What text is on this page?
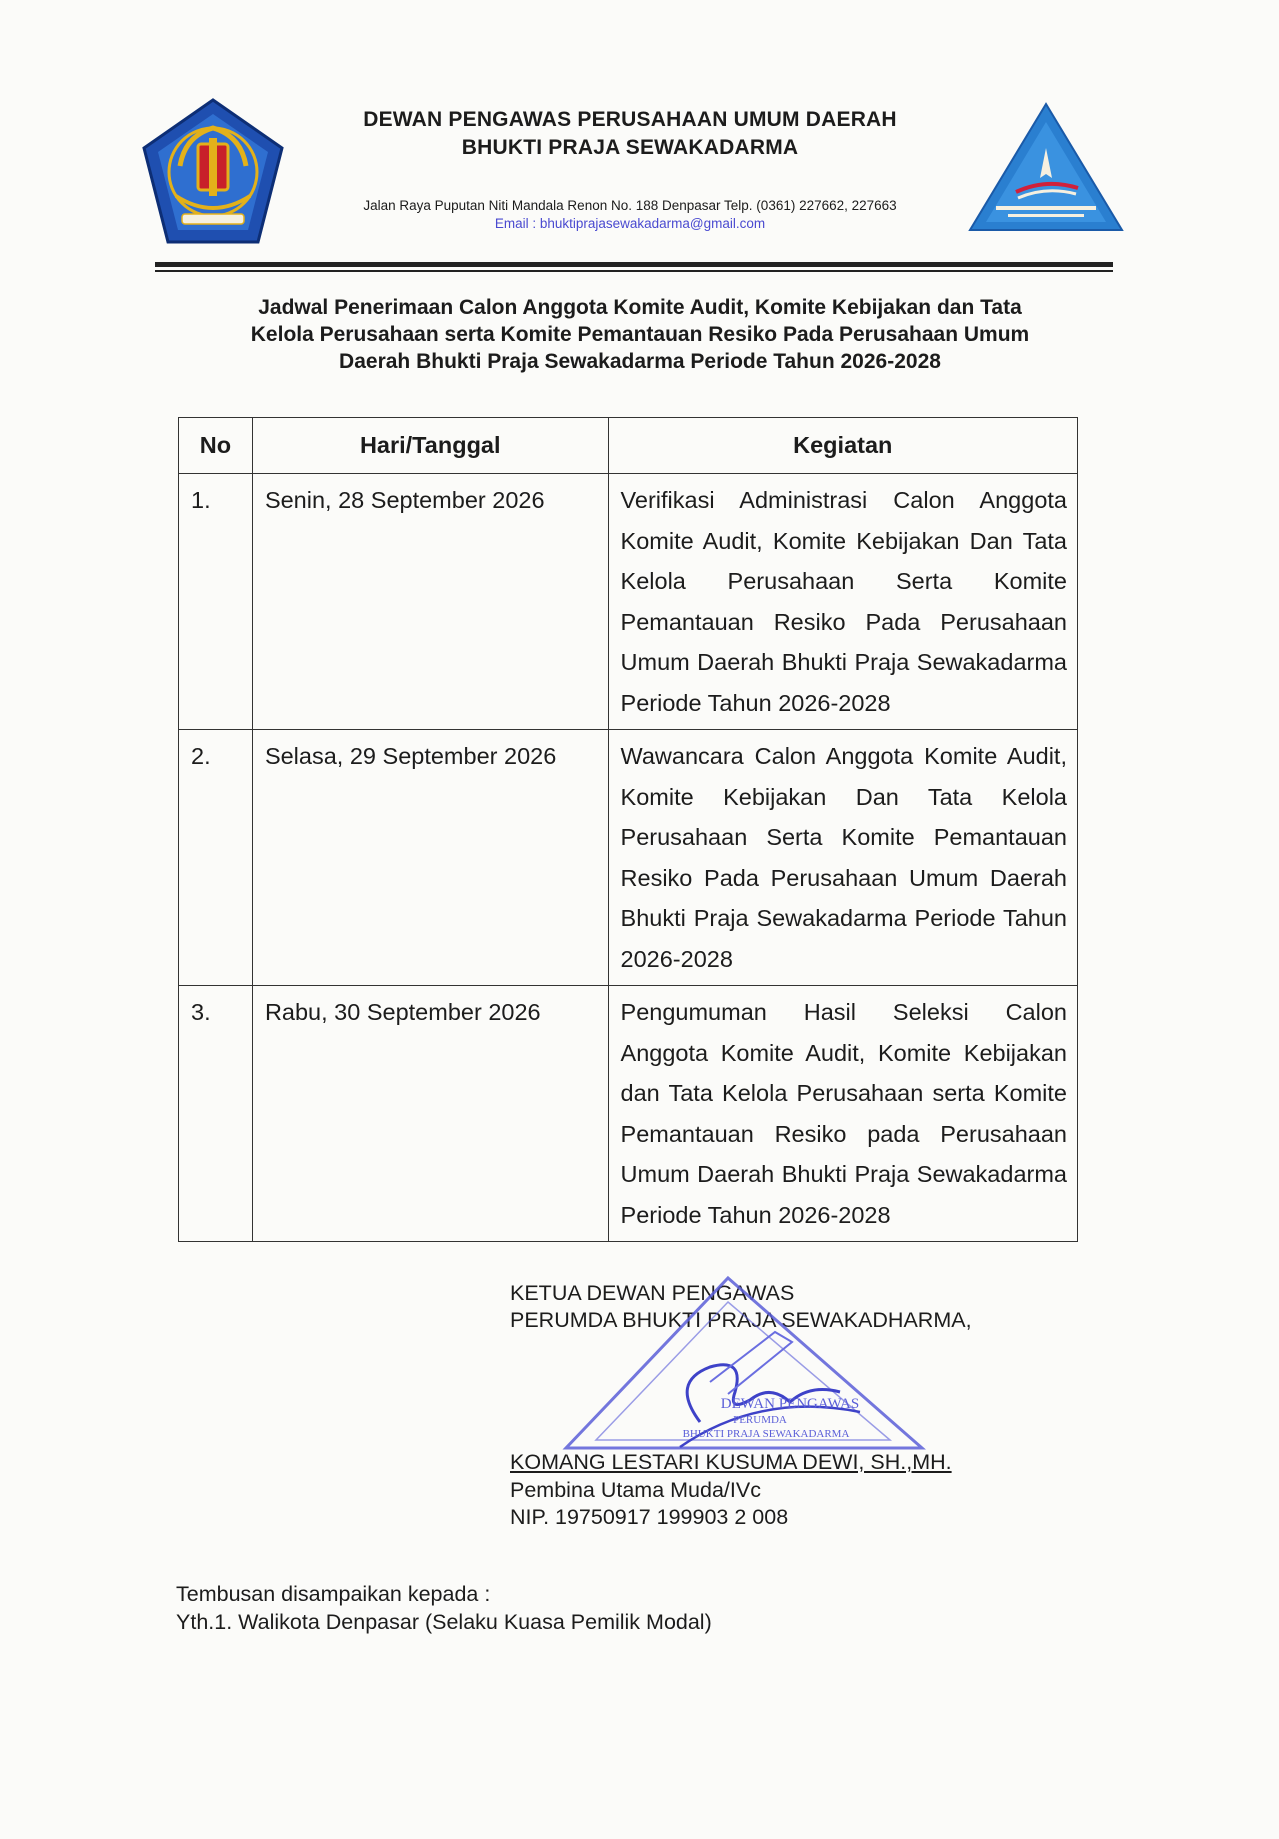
DEWAN PENGAWAS PERUSAHAAN UMUM DAERAH
BHUKTI PRAJA SEWAKADARMA
Jalan Raya Puputan Niti Mandala Renon No. 188 Denpasar Telp. (0361) 227662, 227663
Email : bhuktiprajasewakadarma@gmail.com
Jadwal Penerimaan Calon Anggota Komite Audit, Komite Kebijakan dan Tata
Kelola Perusahaan serta Komite Pemantauan Resiko Pada Perusahaan Umum
Daerah Bhukti Praja Sewakadarma Periode Tahun 2026-2028
No	Hari/Tanggal	Kegiatan
1.	Senin, 28 September 2026	Verifikasi Administrasi Calon Anggota Komite Audit, Komite Kebijakan Dan Tata Kelola Perusahaan Serta Komite Pemantauan Resiko Pada Perusahaan Umum Daerah Bhukti Praja Sewakadarma Periode Tahun 2026-2028
2.	Selasa, 29 September 2026	Wawancara Calon Anggota Komite Audit, Komite Kebijakan Dan Tata Kelola Perusahaan Serta Komite Pemantauan Resiko Pada Perusahaan Umum Daerah Bhukti Praja Sewakadarma Periode Tahun 2026-2028
3.	Rabu, 30 September 2026	Pengumuman Hasil Seleksi Calon Anggota Komite Audit, Komite Kebijakan dan Tata Kelola Perusahaan serta Komite Pemantauan Resiko pada Perusahaan Umum Daerah Bhukti Praja Sewakadarma Periode Tahun 2026-2028
KETUA DEWAN PENGAWAS
PERUMDA BHUKTI PRAJA SEWAKADHARMA,
DEWAN PENGAWAS
PERUMDA
BHUKTI PRAJA SEWAKADARMA
KOMANG LESTARI KUSUMA DEWI, SH.,MH.
Pembina Utama Muda/IVc
NIP. 19750917 199903 2 008
Tembusan disampaikan kepada :
Yth.1. Walikota Denpasar (Selaku Kuasa Pemilik Modal)
